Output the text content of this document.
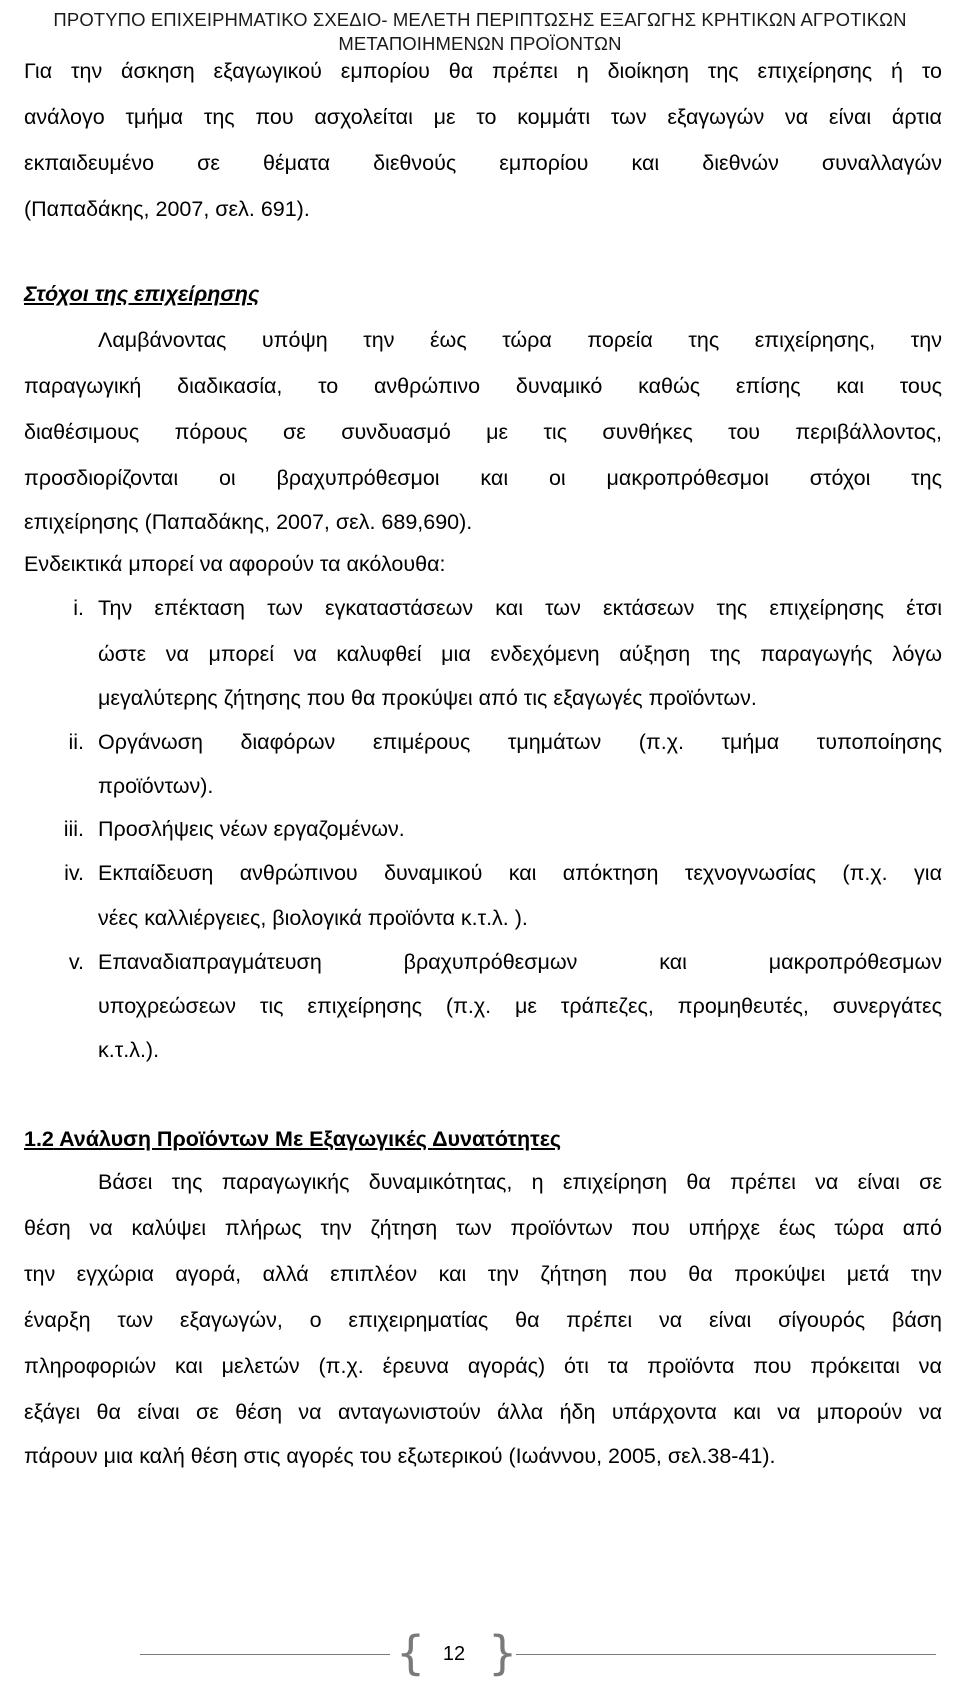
ΠΡΟΤΥΠΟ ΕΠΙΧΕΙΡΗΜΑΤΙΚΟ ΣΧΕΔΙΟ- ΜΕΛΕΤΗ ΠΕΡΙΠΤΩΣΗΣ ΕΞΑΓΩΓΗΣ ΚΡΗΤΙΚΩΝ ΑΓΡΟΤΙΚΩΝ
ΜΕΤΑΠΟΙΗΜΕΝΩΝ ΠΡΟΪΟΝΤΩΝ
Για την άσκηση εξαγωγικού εμπορίου θα πρέπει η διοίκηση της επιχείρησης ή το
ανάλογο τμήμα της που ασχολείται με το κομμάτι των εξαγωγών να είναι άρτια
εκπαιδευμένο σε θέματα διεθνούς εμπορίου και διεθνών συναλλαγών
(Παπαδάκης, 2007, σελ. 691).
Στόχοι της επιχείρησης
Λαμβάνοντας υπόψη την έως τώρα πορεία της επιχείρησης, την
παραγωγική διαδικασία, το ανθρώπινο δυναμικό καθώς επίσης και τους
διαθέσιμους πόρους σε συνδυασμό με τις συνθήκες του περιβάλλοντος,
προσδιορίζονται οι βραχυπρόθεσμοι και οι μακροπρόθεσμοι στόχοι της
επιχείρησης (Παπαδάκης, 2007, σελ. 689,690).
Ενδεικτικά μπορεί να αφορούν τα ακόλουθα:
i. Την επέκταση των εγκαταστάσεων και των εκτάσεων της επιχείρησης έτσι
ώστε να μπορεί να καλυφθεί μια ενδεχόμενη αύξηση της παραγωγής λόγω
μεγαλύτερης ζήτησης που θα προκύψει από τις εξαγωγές προϊόντων.
ii. Οργάνωση διαφόρων επιμέρους τμημάτων (π.χ. τμήμα τυποποίησης
προϊόντων).
iii. Προσλήψεις νέων εργαζομένων.
iv. Εκπαίδευση ανθρώπινου δυναμικού και απόκτηση τεχνογνωσίας (π.χ. για
νέες καλλιέργειες, βιολογικά προϊόντα κ.τ.λ. ).
v. Επαναδιαπραγμάτευση βραχυπρόθεσμων και μακροπρόθεσμων
υποχρεώσεων τις επιχείρησης (π.χ. με τράπεζες, προμηθευτές, συνεργάτες
κ.τ.λ.).
1.2 Ανάλυση Προϊόντων Με Εξαγωγικές Δυνατότητες
Βάσει της παραγωγικής δυναμικότητας, η επιχείρηση θα πρέπει να είναι σε
θέση να καλύψει πλήρως την ζήτηση των προϊόντων που υπήρχε έως τώρα από
την εγχώρια αγορά, αλλά επιπλέον και την ζήτηση που θα προκύψει μετά την
έναρξη των εξαγωγών, ο επιχειρηματίας θα πρέπει να είναι σίγουρός βάση
πληροφοριών και μελετών (π.χ. έρευνα αγοράς) ότι τα προϊόντα που πρόκειται να
εξάγει θα είναι σε θέση να ανταγωνιστούν άλλα ήδη υπάρχοντα και να μπορούν να
πάρουν μια καλή θέση στις αγορές του εξωτερικού (Ιωάννου, 2005, σελ.38-41).
{ 12 }
